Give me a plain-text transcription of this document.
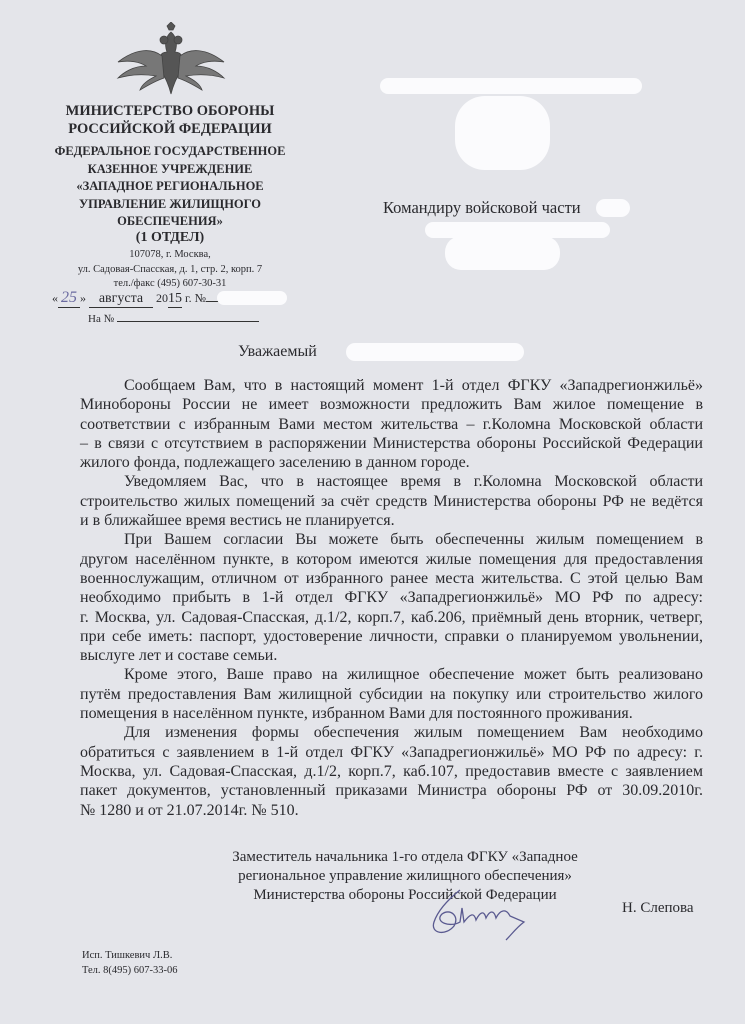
МИНИСТЕРСТВО ОБОРОНЫ
РОССИЙСКОЙ ФЕДЕРАЦИИ
ФЕДЕРАЛЬНОЕ ГОСУДАРСТВЕННОЕ
КАЗЕННОЕ УЧРЕЖДЕНИЕ
«ЗАПАДНОЕ РЕГИОНАЛЬНОЕ
УПРАВЛЕНИЕ ЖИЛИЩНОГО
ОБЕСПЕЧЕНИЯ»
(1 ОТДЕЛ)
107078, г. Москва,
ул. Садовая-Спасская, д. 1, стр. 2, корп. 7
тел./факс (495) 607-30-31
« 25 » августа 2015 г. №
На №
Командиру войсковой части
Уважаемый
Сообщаем Вам, что в настоящий момент 1-й отдел ФГКУ «Западрегионжильё»
Минобороны России не имеет возможности предложить Вам жилое помещение в
соответствии с избранным Вами местом жительства – г.Коломна Московской области
– в связи с отсутствием в распоряжении Министерства обороны Российской Федерации
жилого фонда, подлежащего заселению в данном городе.
Уведомляем Вас, что в настоящее время в г.Коломна Московской области
строительство жилых помещений за счёт средств Министерства обороны РФ не ведётся
и в ближайшее время вестись не планируется.
При Вашем согласии Вы можете быть обеспеченны жилым помещением в
другом населённом пункте, в котором имеются жилые помещения для предоставления
военнослужащим, отличном от избранного ранее места жительства. С этой целью Вам
необходимо прибыть в 1-й отдел ФГКУ «Западрегионжильё» МО РФ по адресу:
г. Москва, ул. Садовая-Спасская, д.1/2, корп.7, каб.206, приёмный день вторник, четверг,
при себе иметь: паспорт, удостоверение личности, справки о планируемом увольнении,
выслуге лет и составе семьи.
Кроме этого, Ваше право на жилищное обеспечение может быть реализовано
путём предоставления Вам жилищной субсидии на покупку или строительство жилого
помещения в населённом пункте, избранном Вами для постоянного проживания.
Для изменения формы обеспечения жилым помещением Вам необходимо
обратиться с заявлением в 1-й отдел ФГКУ «Западрегионжильё» МО РФ по адресу: г.
Москва, ул. Садовая-Спасская, д.1/2, корп.7, каб.107, предоставив вместе с заявлением
пакет документов, установленный приказами Министра обороны РФ от 30.09.2010г.
№ 1280 и от 21.07.2014г. № 510.
Заместитель начальника 1-го отдела ФГКУ «Западное
региональное управление жилищного обеспечения»
Министерства обороны Российской Федерации
Н. Слепова
Исп. Тишкевич Л.В.
Тел. 8(495) 607-33-06
